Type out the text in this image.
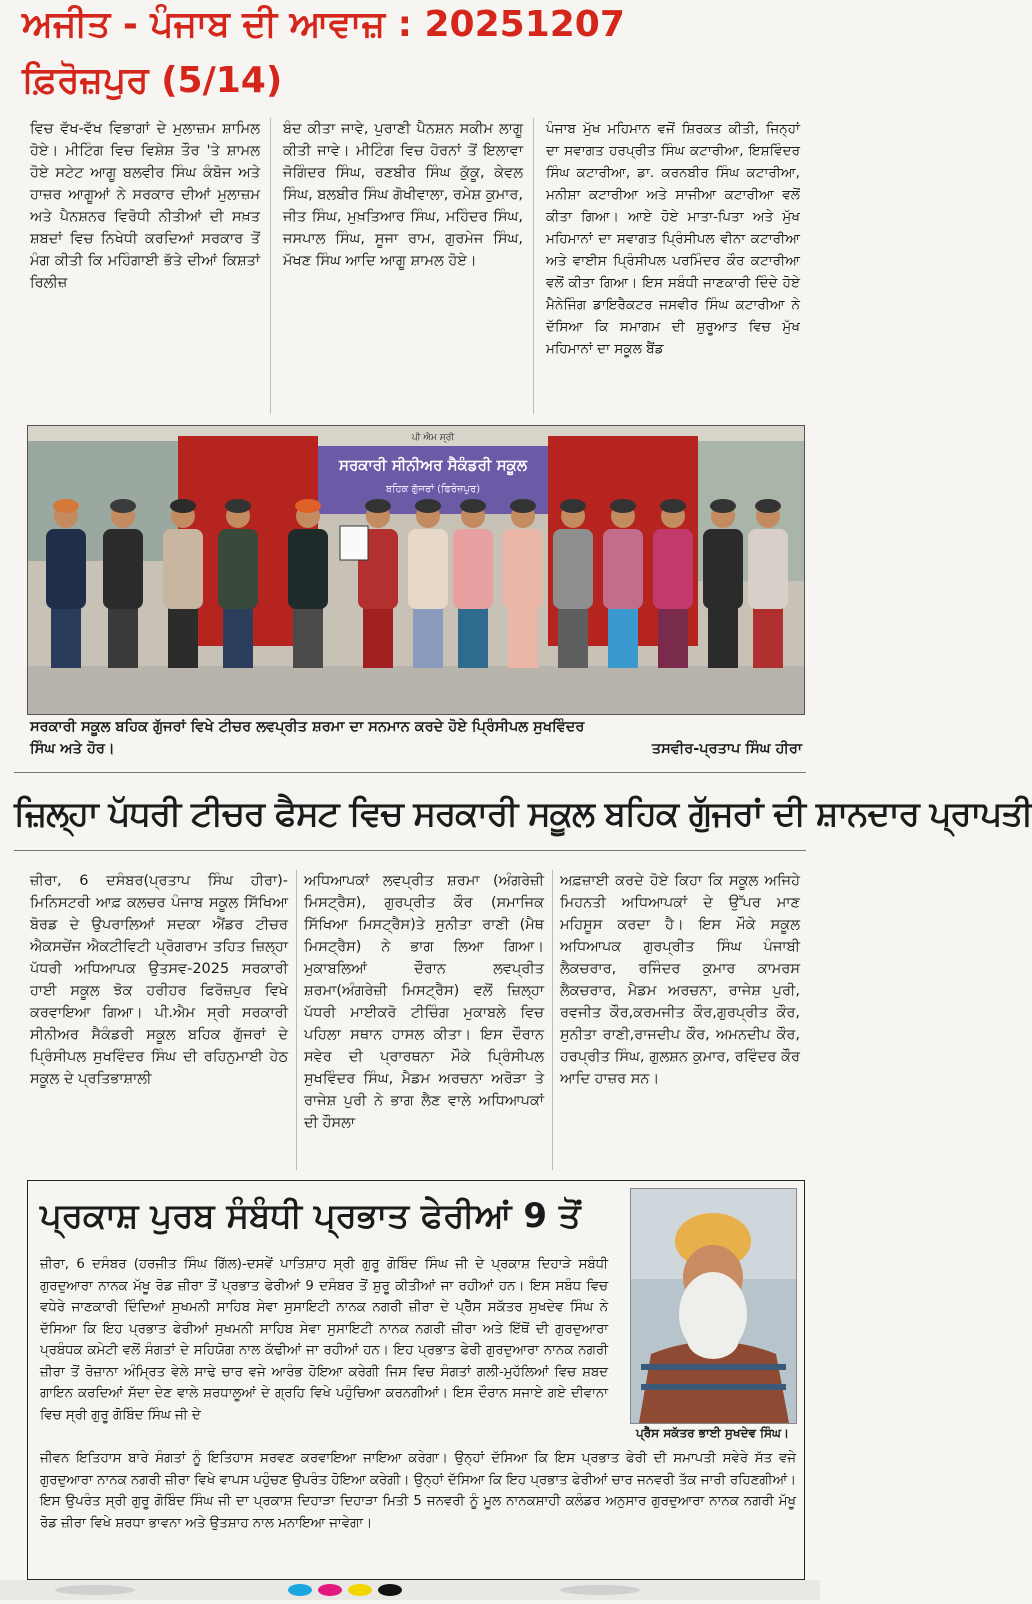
ਅਜੀਤ - ਪੰਜਾਬ ਦੀ ਆਵਾਜ਼ : 20251207
ਫ਼ਿਰੋਜ਼ਪੁਰ (5/14)
ਵਿਚ ਵੱਖ-ਵੱਖ ਵਿਭਾਗਾਂ ਦੇ ਮੁਲਾਜ਼ਮ ਸ਼ਾਮਿਲ ਹੋਏ। ਮੀਟਿੰਗ ਵਿਚ ਵਿਸ਼ੇਸ਼ ਤੌਰ 'ਤੇ ਸ਼ਾਮਲ ਹੋਏ ਸਟੇਟ ਆਗੂ ਬਲਵੀਰ ਸਿੰਘ ਕੰਬੋਜ ਅਤੇ ਹਾਜ਼ਰ ਆਗੂਆਂ ਨੇ ਸਰਕਾਰ ਦੀਆਂ ਮੁਲਾਜ਼ਮ ਅਤੇ ਪੈਨਸ਼ਨਰ ਵਿਰੋਧੀ ਨੀਤੀਆਂ ਦੀ ਸਖ਼ਤ ਸ਼ਬਦਾਂ ਵਿਚ ਨਿਖੇਧੀ ਕਰਦਿਆਂ ਸਰਕਾਰ ਤੋਂ ਮੰਗ ਕੀਤੀ ਕਿ ਮਹਿੰਗਾਈ ਭੱਤੇ ਦੀਆਂ ਕਿਸ਼ਤਾਂ ਰਿਲੀਜ਼
ਬੰਦ ਕੀਤਾ ਜਾਵੇ, ਪੁਰਾਣੀ ਪੈਨਸ਼ਨ ਸਕੀਮ ਲਾਗੂ ਕੀਤੀ ਜਾਵੇ। ਮੀਟਿੰਗ ਵਿਚ ਹੋਰਨਾਂ ਤੋਂ ਇਲਾਵਾ ਜੋਗਿੰਦਰ ਸਿੰਘ, ਰਣਬੀਰ ਸਿੰਘ ਕੁੱਕੂ, ਕੇਵਲ ਸਿੰਘ, ਬਲਬੀਰ ਸਿੰਘ ਗੋਖੀਵਾਲਾ, ਰਮੇਸ਼ ਕੁਮਾਰ, ਜੀਤ ਸਿੰਘ, ਮੁਖ਼ਤਿਆਰ ਸਿੰਘ, ਮਹਿੰਦਰ ਸਿੰਘ, ਜਸਪਾਲ ਸਿੰਘ, ਸੂਜਾ ਰਾਮ, ਗੁਰਮੇਜ ਸਿੰਘ, ਮੱਖਣ ਸਿੰਘ ਆਦਿ ਆਗੂ ਸ਼ਾਮਲ ਹੋਏ।
ਪੰਜਾਬ ਮੁੱਖ ਮਹਿਮਾਨ ਵਜੋਂ ਸ਼ਿਰਕਤ ਕੀਤੀ, ਜਿਨ੍ਹਾਂ ਦਾ ਸਵਾਗਤ ਹਰਪ੍ਰੀਤ ਸਿੰਘ ਕਟਾਰੀਆ, ਇਸ਼ਵਿੰਦਰ ਸਿੰਘ ਕਟਾਰੀਆ, ਡਾ. ਕਰਨਬੀਰ ਸਿੰਘ ਕਟਾਰੀਆ, ਮਨੀਸ਼ਾ ਕਟਾਰੀਆ ਅਤੇ ਸਾਜੀਆ ਕਟਾਰੀਆ ਵਲੋਂ ਕੀਤਾ ਗਿਆ। ਆਏ ਹੋਏ ਮਾਤਾ-ਪਿਤਾ ਅਤੇ ਮੁੱਖ ਮਹਿਮਾਨਾਂ ਦਾ ਸਵਾਗਤ ਪ੍ਰਿੰਸੀਪਲ ਵੀਨਾ ਕਟਾਰੀਆ ਅਤੇ ਵਾਈਸ ਪ੍ਰਿੰਸੀਪਲ ਪਰਮਿੰਦਰ ਕੌਰ ਕਟਾਰੀਆ ਵਲੋਂ ਕੀਤਾ ਗਿਆ। ਇਸ ਸਬੰਧੀ ਜਾਣਕਾਰੀ ਦਿੰਦੇ ਹੋਏ ਮੈਨੇਜਿੰਗ ਡਾਇਰੈਕਟਰ ਜਸਵੀਰ ਸਿੰਘ ਕਟਾਰੀਆ ਨੇ ਦੱਸਿਆ ਕਿ ਸਮਾਗਮ ਦੀ ਸ਼ੁਰੂਆਤ ਵਿਚ ਮੁੱਖ ਮਹਿਮਾਨਾਂ ਦਾ ਸਕੂਲ ਬੈਂਡ
ਪੀ ਐਮ ਸ੍ਰੀ
ਸਰਕਾਰੀ ਸੀਨੀਅਰ ਸੈਕੰਡਰੀ ਸਕੂਲ
ਬਹਿਕ ਗੁੱਜਰਾਂ (ਫਿਰੋਜ਼ਪੁਰ)
ਸਰਕਾਰੀ ਸਕੂਲ ਬਹਿਕ ਗੁੱਜਰਾਂ ਵਿਖੇ ਟੀਚਰ ਲਵਪ੍ਰੀਤ ਸ਼ਰਮਾ ਦਾ ਸਨਮਾਨ ਕਰਦੇ ਹੋਏ ਪ੍ਰਿੰਸੀਪਲ ਸੁਖਵਿੰਦਰ
ਸਿੰਘ ਅਤੇ ਹੋਰ।	ਤਸਵੀਰ-ਪ੍ਰਤਾਪ ਸਿੰਘ ਹੀਰਾ
ਜ਼ਿਲ੍ਹਾ ਪੱਧਰੀ ਟੀਚਰ ਫੈਸਟ ਵਿਚ ਸਰਕਾਰੀ ਸਕੂਲ ਬਹਿਕ ਗੁੱਜਰਾਂ ਦੀ ਸ਼ਾਨਦਾਰ ਪ੍ਰਾਪਤੀ
ਜ਼ੀਰਾ, 6 ਦਸੰਬਰ(ਪ੍ਰਤਾਪ ਸਿੰਘ ਹੀਰਾ)-ਮਿਨਿਸਟਰੀ ਆਫ਼ ਕਲਚਰ ਪੰਜਾਬ ਸਕੂਲ ਸਿੱਖਿਆ ਬੋਰਡ ਦੇ ਉਪਰਾਲਿਆਂ ਸਦਕਾ ਐਂਡਰ ਟੀਚਰ ਐਕਸਚੇਂਜ ਐਕਟੀਵਿਟੀ ਪ੍ਰੋਗਰਾਮ ਤਹਿਤ ਜ਼ਿਲ੍ਹਾ ਪੱਧਰੀ ਅਧਿਆਪਕ ਉਤਸਵ-2025 ਸਰਕਾਰੀ ਹਾਈ ਸਕੂਲ ਝੋਕ ਹਰੀਹਰ ਫਿਰੋਜ਼ਪੁਰ ਵਿਖੇ ਕਰਵਾਇਆ ਗਿਆ। ਪੀ.ਐਮ ਸ੍ਰੀ ਸਰਕਾਰੀ ਸੀਨੀਅਰ ਸੈਕੰਡਰੀ ਸਕੂਲ ਬਹਿਕ ਗੁੱਜਰਾਂ ਦੇ ਪ੍ਰਿੰਸੀਪਲ ਸੁਖਵਿੰਦਰ ਸਿੰਘ ਦੀ ਰਹਿਨੁਮਾਈ ਹੇਠ ਸਕੂਲ ਦੇ ਪ੍ਰਤਿਭਾਸ਼ਾਲੀ
ਅਧਿਆਪਕਾਂ ਲਵਪ੍ਰੀਤ ਸ਼ਰਮਾ (ਅੰਗਰੇਜ਼ੀ ਮਿਸਟ੍ਰੈਸ), ਗੁਰਪ੍ਰੀਤ ਕੌਰ (ਸਮਾਜਿਕ ਸਿੱਖਿਆ ਮਿਸਟ੍ਰੈਸ)ਤੇ ਸੁਨੀਤਾ ਰਾਣੀ (ਮੈਥ ਮਿਸਟ੍ਰੈਸ) ਨੇ ਭਾਗ ਲਿਆ ਗਿਆ। ਮੁਕਾਬਲਿਆਂ ਦੌਰਾਨ ਲਵਪ੍ਰੀਤ ਸ਼ਰਮਾ(ਅੰਗਰੇਜ਼ੀ ਮਿਸਟ੍ਰੈਸ) ਵਲੋਂ ਜ਼ਿਲ੍ਹਾ ਪੱਧਰੀ ਮਾਈਕਰੋ ਟੀਚਿੰਗ ਮੁਕਾਬਲੇ ਵਿਚ ਪਹਿਲਾ ਸਥਾਨ ਹਾਸਲ ਕੀਤਾ। ਇਸ ਦੌਰਾਨ ਸਵੇਰ ਦੀ ਪ੍ਰਾਰਥਨਾ ਮੌਕੇ ਪ੍ਰਿੰਸੀਪਲ ਸੁਖਵਿੰਦਰ ਸਿੰਘ, ਮੈਡਮ ਅਰਚਨਾ ਅਰੋੜਾ ਤੇ ਰਾਜੇਸ਼ ਪੁਰੀ ਨੇ ਭਾਗ ਲੈਣ ਵਾਲੇ ਅਧਿਆਪਕਾਂ ਦੀ ਹੌਸਲਾ
ਅਫ਼ਜ਼ਾਈ ਕਰਦੇ ਹੋਏ ਕਿਹਾ ਕਿ ਸਕੂਲ ਅਜਿਹੇ ਮਿਹਨਤੀ ਅਧਿਆਪਕਾਂ ਦੇ ਉੱਪਰ ਮਾਣ ਮਹਿਸੂਸ ਕਰਦਾ ਹੈ। ਇਸ ਮੌਕੇ ਸਕੂਲ ਅਧਿਆਪਕ ਗੁਰਪ੍ਰੀਤ ਸਿੰਘ ਪੰਜਾਬੀ ਲੈਕਚਰਾਰ, ਰਜਿੰਦਰ ਕੁਮਾਰ ਕਾਮਰਸ ਲੈਕਚਰਾਰ, ਮੈਡਮ ਅਰਚਨਾ, ਰਾਜੇਸ਼ ਪੁਰੀ, ਰਵਜੀਤ ਕੌਰ,ਕਰਮਜੀਤ ਕੌਰ,ਗੁਰਪ੍ਰੀਤ ਕੌਰ, ਸੁਨੀਤਾ ਰਾਣੀ,ਰਾਜਦੀਪ ਕੌਰ, ਅਮਨਦੀਪ ਕੌਰ, ਹਰਪ੍ਰੀਤ ਸਿੰਘ, ਗੁਲਸ਼ਨ ਕੁਮਾਰ, ਰਵਿੰਦਰ ਕੌਰ ਆਦਿ ਹਾਜ਼ਰ ਸਨ।
ਪ੍ਰਕਾਸ਼ ਪੁਰਬ ਸੰਬੰਧੀ ਪ੍ਰਭਾਤ ਫੇਰੀਆਂ 9 ਤੋਂ
ਜ਼ੀਰਾ, 6 ਦਸੰਬਰ (ਹਰਜੀਤ ਸਿੰਘ ਗਿੱਲ)-ਦਸਵੇਂ ਪਾਤਿਸ਼ਾਹ ਸ੍ਰੀ ਗੁਰੂ ਗੋਬਿੰਦ ਸਿੰਘ ਜੀ ਦੇ ਪ੍ਰਕਾਸ਼ ਦਿਹਾੜੇ ਸਬੰਧੀ ਗੁਰਦੁਆਰਾ ਨਾਨਕ ਮੱਖੂ ਰੋਡ ਜ਼ੀਰਾ ਤੋਂ ਪ੍ਰਭਾਤ ਫੇਰੀਆਂ 9 ਦਸੰਬਰ ਤੋਂ ਸ਼ੁਰੂ ਕੀਤੀਆਂ ਜਾ ਰਹੀਆਂ ਹਨ। ਇਸ ਸਬੰਧ ਵਿਚ ਵਧੇਰੇ ਜਾਣਕਾਰੀ ਦਿੰਦਿਆਂ ਸੁਖਮਨੀ ਸਾਹਿਬ ਸੇਵਾ ਸੁਸਾਇਟੀ ਨਾਨਕ ਨਗਰੀ ਜ਼ੀਰਾ ਦੇ ਪ੍ਰੈੱਸ ਸਕੱਤਰ ਸੁਖਦੇਵ ਸਿੰਘ ਨੇ ਦੱਸਿਆ ਕਿ ਇਹ ਪ੍ਰਭਾਤ ਫੇਰੀਆਂ ਸੁਖਮਨੀ ਸਾਹਿਬ ਸੇਵਾ ਸੁਸਾਇਟੀ ਨਾਨਕ ਨਗਰੀ ਜ਼ੀਰਾ ਅਤੇ ਇੱਥੋਂ ਦੀ ਗੁਰਦੁਆਰਾ ਪ੍ਰਬੰਧਕ ਕਮੇਟੀ ਵਲੋਂ ਸੰਗਤਾਂ ਦੇ ਸਹਿਯੋਗ ਨਾਲ ਕੱਢੀਆਂ ਜਾ ਰਹੀਆਂ ਹਨ। ਇਹ ਪ੍ਰਭਾਤ ਫੇਰੀ ਗੁਰਦੁਆਰਾ ਨਾਨਕ ਨਗਰੀ ਜ਼ੀਰਾ ਤੋਂ ਰੋਜ਼ਾਨਾ ਅੰਮ੍ਰਿਤ ਵੇਲੇ ਸਾਢੇ ਚਾਰ ਵਜੇ ਆਰੰਭ ਹੋਇਆ ਕਰੇਗੀ ਜਿਸ ਵਿਚ ਸੰਗਤਾਂ ਗਲੀ-ਮੁਹੱਲਿਆਂ ਵਿਚ ਸ਼ਬਦ ਗਾਇਨ ਕਰਦਿਆਂ ਸੱਦਾ ਦੇਣ ਵਾਲੇ ਸ਼ਰਧਾਲੂਆਂ ਦੇ ਗ੍ਰਹਿ ਵਿਖੇ ਪਹੁੰਚਿਆ ਕਰਨਗੀਆਂ। ਇਸ ਦੌਰਾਨ ਸਜਾਏ ਗਏ ਦੀਵਾਨਾ ਵਿਚ ਸ੍ਰੀ ਗੁਰੂ ਗੋਬਿੰਦ ਸਿੰਘ ਜੀ ਦੇ
ਜੀਵਨ ਇਤਿਹਾਸ ਬਾਰੇ ਸੰਗਤਾਂ ਨੂੰ ਇਤਿਹਾਸ ਸਰਵਣ ਕਰਵਾਇਆ ਜਾਇਆ ਕਰੇਗਾ। ਉਨ੍ਹਾਂ ਦੱਸਿਆ ਕਿ ਇਸ ਪ੍ਰਭਾਤ ਫੇਰੀ ਦੀ ਸਮਾਪਤੀ ਸਵੇਰੇ ਸੱਤ ਵਜੇ ਗੁਰਦੁਆਰਾ ਨਾਨਕ ਨਗਰੀ ਜ਼ੀਰਾ ਵਿਖੇ ਵਾਪਸ ਪਹੁੰਚਣ ਉਪਰੰਤ ਹੋਇਆ ਕਰੇਗੀ। ਉਨ੍ਹਾਂ ਦੱਸਿਆ ਕਿ ਇਹ ਪ੍ਰਭਾਤ ਫੇਰੀਆਂ ਚਾਰ ਜਨਵਰੀ ਤੱਕ ਜਾਰੀ ਰਹਿਣਗੀਆਂ। ਇਸ ਉਪਰੰਤ ਸ੍ਰੀ ਗੁਰੂ ਗੋਬਿੰਦ ਸਿੰਘ ਜੀ ਦਾ ਪ੍ਰਕਾਸ਼ ਦਿਹਾੜਾ ਦਿਹਾੜਾ ਮਿਤੀ 5 ਜਨਵਰੀ ਨੂੰ ਮੂਲ ਨਾਨਕਸ਼ਾਹੀ ਕਲੰਡਰ ਅਨੁਸਾਰ ਗੁਰਦੁਆਰਾ ਨਾਨਕ ਨਗਰੀ ਮੱਖੂ ਰੋਡ ਜ਼ੀਰਾ ਵਿਖੇ ਸ਼ਰਧਾ ਭਾਵਨਾ ਅਤੇ ਉਤਸ਼ਾਹ ਨਾਲ ਮਨਾਇਆ ਜਾਵੇਗਾ।
ਪ੍ਰੈੱਸ ਸਕੱਤਰ ਭਾਈ ਸੁਖਦੇਵ ਸਿੰਘ।
